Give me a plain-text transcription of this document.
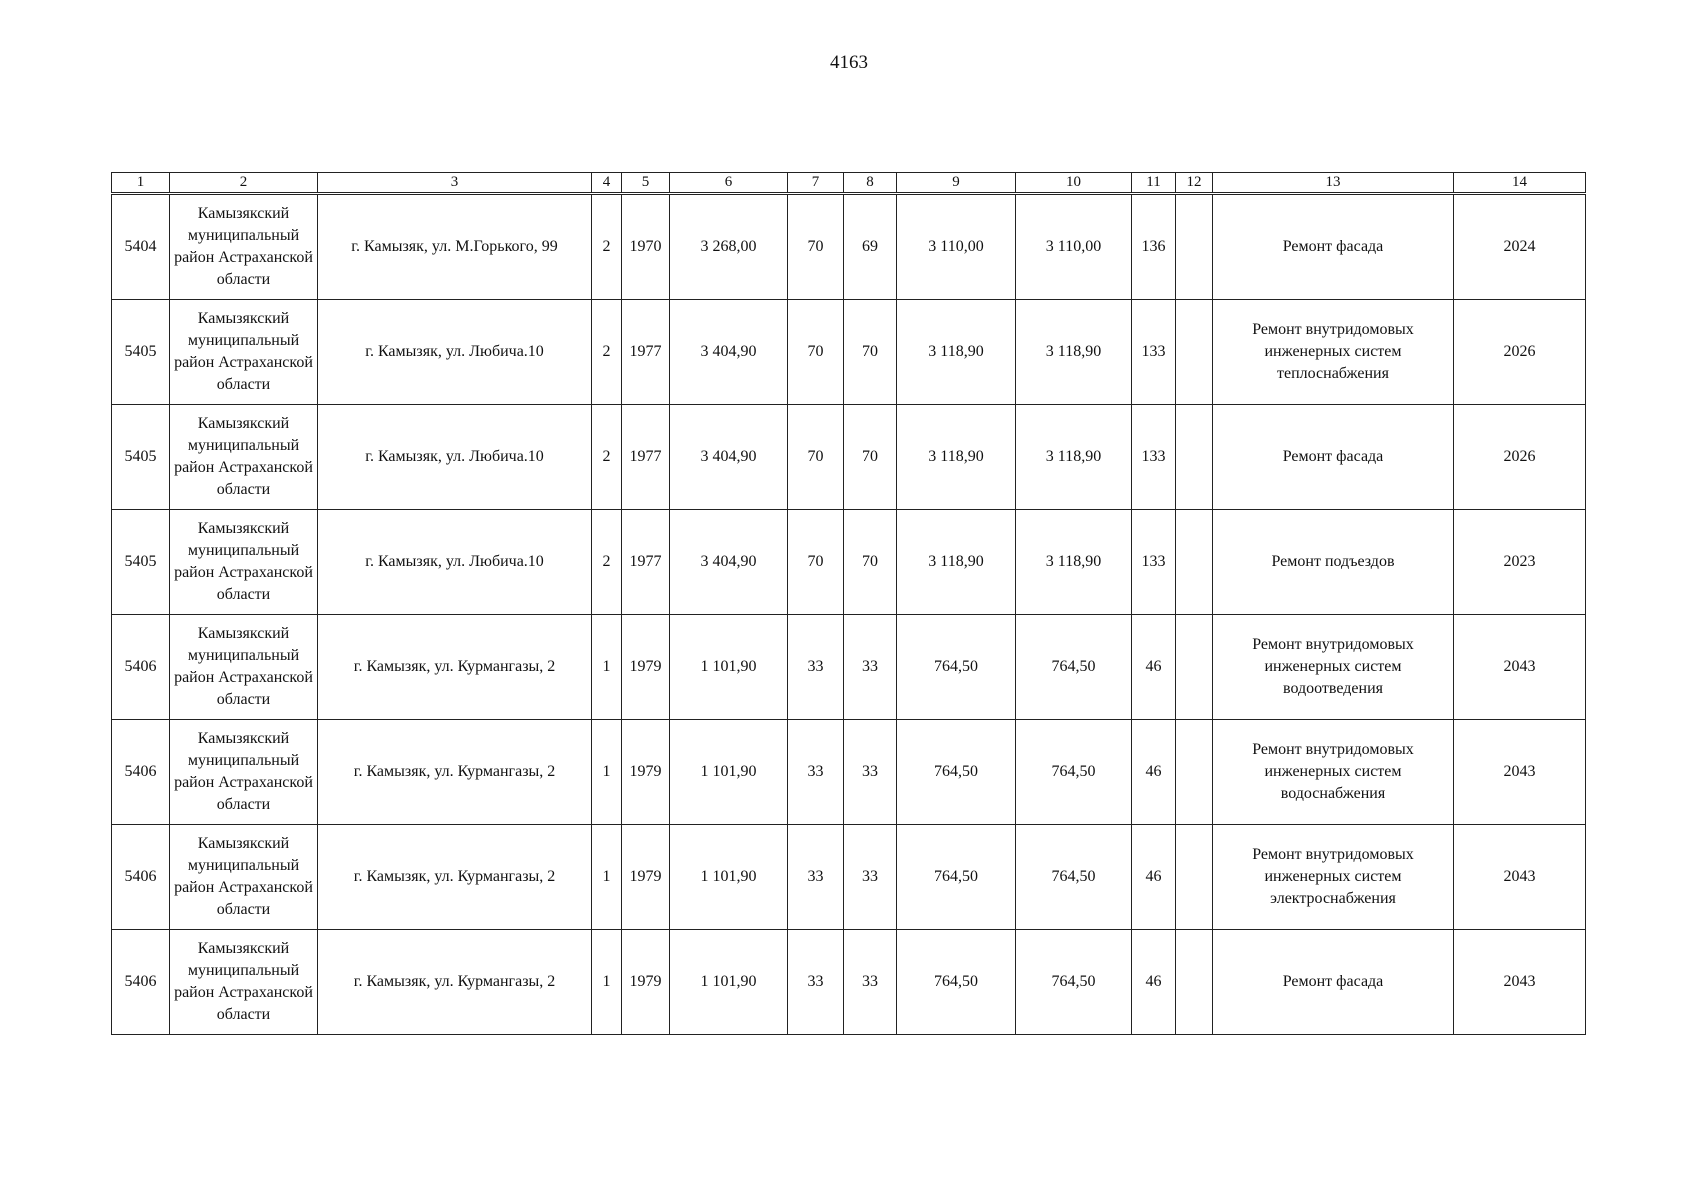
4163
1	2	3	4	5	6	7	8	9	10	11	12	13	14
5404	Камызякский муниципальный район Астраханской области	г. Камызяк, ул. М.Горького, 99	2	1970	3 268,00	70	69	3 110,00	3 110,00	136		Ремонт фасада	2024
5405	Камызякский муниципальный район Астраханской области	г. Камызяк, ул. Любича.10	2	1977	3 404,90	70	70	3 118,90	3 118,90	133		Ремонт внутридомовых инженерных систем теплоснабжения	2026
5405	Камызякский муниципальный район Астраханской области	г. Камызяк, ул. Любича.10	2	1977	3 404,90	70	70	3 118,90	3 118,90	133		Ремонт фасада	2026
5405	Камызякский муниципальный район Астраханской области	г. Камызяк, ул. Любича.10	2	1977	3 404,90	70	70	3 118,90	3 118,90	133		Ремонт подъездов	2023
5406	Камызякский муниципальный район Астраханской области	г. Камызяк, ул. Курмангазы, 2	1	1979	1 101,90	33	33	764,50	764,50	46		Ремонт внутридомовых инженерных систем водоотведения	2043
5406	Камызякский муниципальный район Астраханской области	г. Камызяк, ул. Курмангазы, 2	1	1979	1 101,90	33	33	764,50	764,50	46		Ремонт внутридомовых инженерных систем водоснабжения	2043
5406	Камызякский муниципальный район Астраханской области	г. Камызяк, ул. Курмангазы, 2	1	1979	1 101,90	33	33	764,50	764,50	46		Ремонт внутридомовых инженерных систем электроснабжения	2043
5406	Камызякский муниципальный район Астраханской области	г. Камызяк, ул. Курмангазы, 2	1	1979	1 101,90	33	33	764,50	764,50	46		Ремонт фасада	2043
